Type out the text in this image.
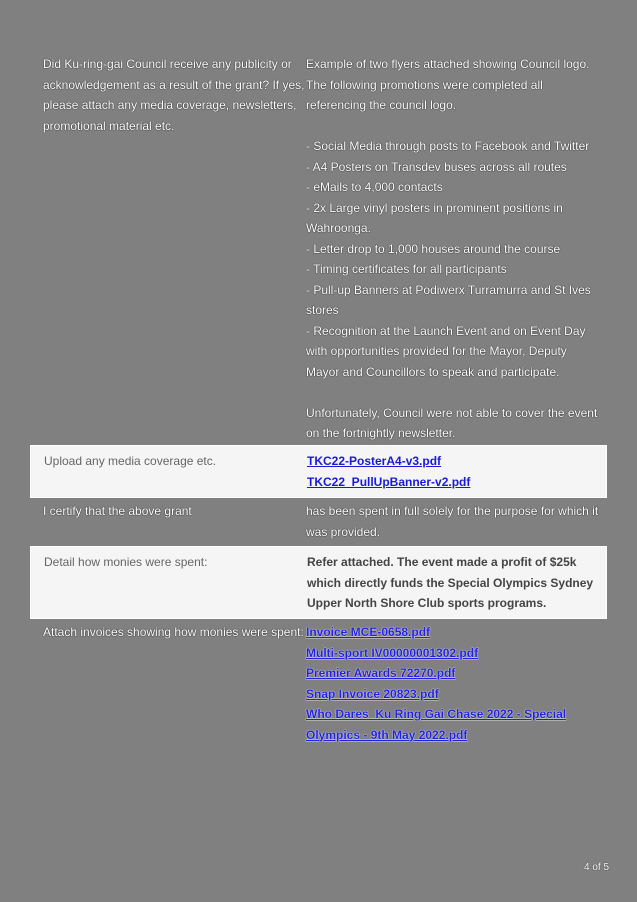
Did Ku-ring-gai Council receive any publicity or acknowledgement as a result of the grant? If yes, please attach any media coverage, newsletters, promotional material etc.
Example of two flyers attached showing Council logo. The following promotions were completed all referencing the council logo.
- Social Media through posts to Facebook and Twitter
- A4 Posters on Transdev buses across all routes
- eMails to 4,000 contacts
- 2x Large vinyl posters in prominent positions in Wahroonga.
- Letter drop to 1,000 houses around the course
- Timing certificates for all participants
- Pull-up Banners at Podiwerx Turramurra and St Ives stores
- Recognition at the Launch Event and on Event Day with opportunities provided for the Mayor, Deputy Mayor and Councillors to speak and participate.
Unfortunately, Council were not able to cover the event on the fortnightly newsletter.
Upload any media coverage etc.	TKC22-PosterA4-v3.pdf
TKC22_PullUpBanner-v2.pdf
I certify that the above grant	has been spent in full solely for the purpose for which it was provided.
Detail how monies were spent:	Refer attached. The event made a profit of $25k which directly funds the Special Olympics Sydney Upper North Shore Club sports programs.
Attach invoices showing how monies were spent: Invoice MCE-0658.pdf
Multi-sport IV00000001302.pdf
Premier Awards 72270.pdf
Snap Invoice 20823.pdf
Who Dares_Ku Ring Gai Chase 2022 - Special Olympics - 9th May 2022.pdf
4 of 5
